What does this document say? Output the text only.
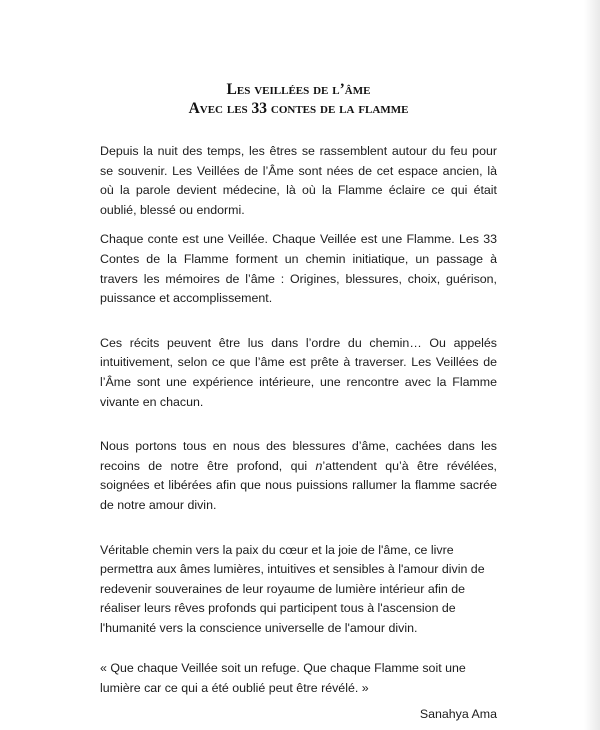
Les veillées de l’âme
Avec les 33 contes de la flamme

Depuis la nuit des temps, les êtres se rassemblent autour du feu pour se souvenir. Les Veillées de l’Âme sont nées de cet espace ancien, là où la parole devient médecine, là où la Flamme éclaire ce qui était oublié, blessé ou endormi.

Chaque conte est une Veillée. Chaque Veillée est une Flamme. Les 33 Contes de la Flamme forment un chemin initiatique, un passage à travers les mémoires de l’âme : Origines, blessures, choix, guérison, puissance et accomplissement.

Ces récits peuvent être lus dans l’ordre du chemin… Ou appelés intuitivement, selon ce que l’âme est prête à traverser. Les Veillées de l’Âme sont une expérience intérieure, une rencontre avec la Flamme vivante en chacun.

Nous portons tous en nous des blessures d’âme, cachées dans les recoins de notre être profond, qui n’attendent qu’à être révélées, soignées et libérées afin que nous puissions rallumer la flamme sacrée de notre amour divin.

Véritable chemin vers la paix du cœur et la joie de l'âme, ce livre permettra aux âmes lumières, intuitives et sensibles à l'amour divin de redevenir souveraines de leur royaume de lumière intérieur afin de réaliser leurs rêves profonds qui participent tous à l'ascension de l'humanité vers la conscience universelle de l'amour divin.

« Que chaque Veillée soit un refuge. Que chaque Flamme soit une lumière car ce qui a été oublié peut être révélé. »

Sanahya Ama
